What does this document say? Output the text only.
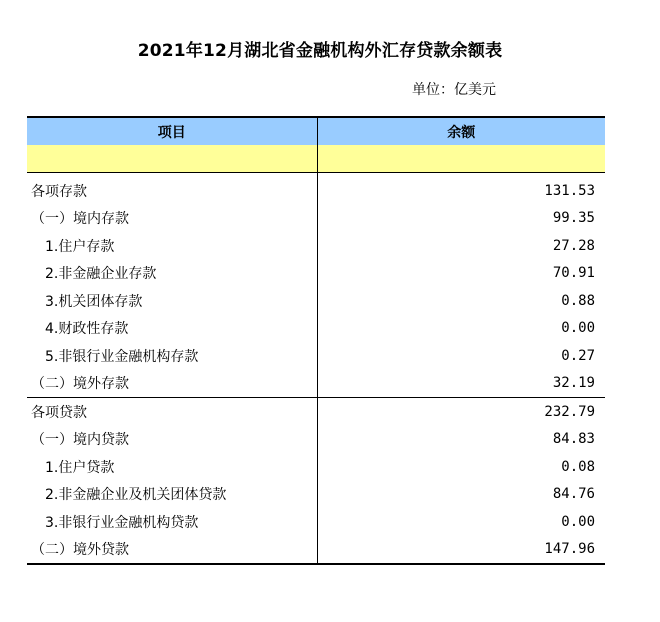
2021年12月湖北省金融机构外汇存贷款余额表
单位：亿美元
项目	余额

各项存款	131.53
（一）境内存款	99.35
1.住户存款	27.28
2.非金融企业存款	70.91
3.机关团体存款	0.88
4.财政性存款	0.00
5.非银行业金融机构存款	0.27
（二）境外存款	32.19
各项贷款	232.79
（一）境内贷款	84.83
1.住户贷款	0.08
2.非金融企业及机关团体贷款	84.76
3.非银行业金融机构贷款	0.00
（二）境外贷款	147.96
